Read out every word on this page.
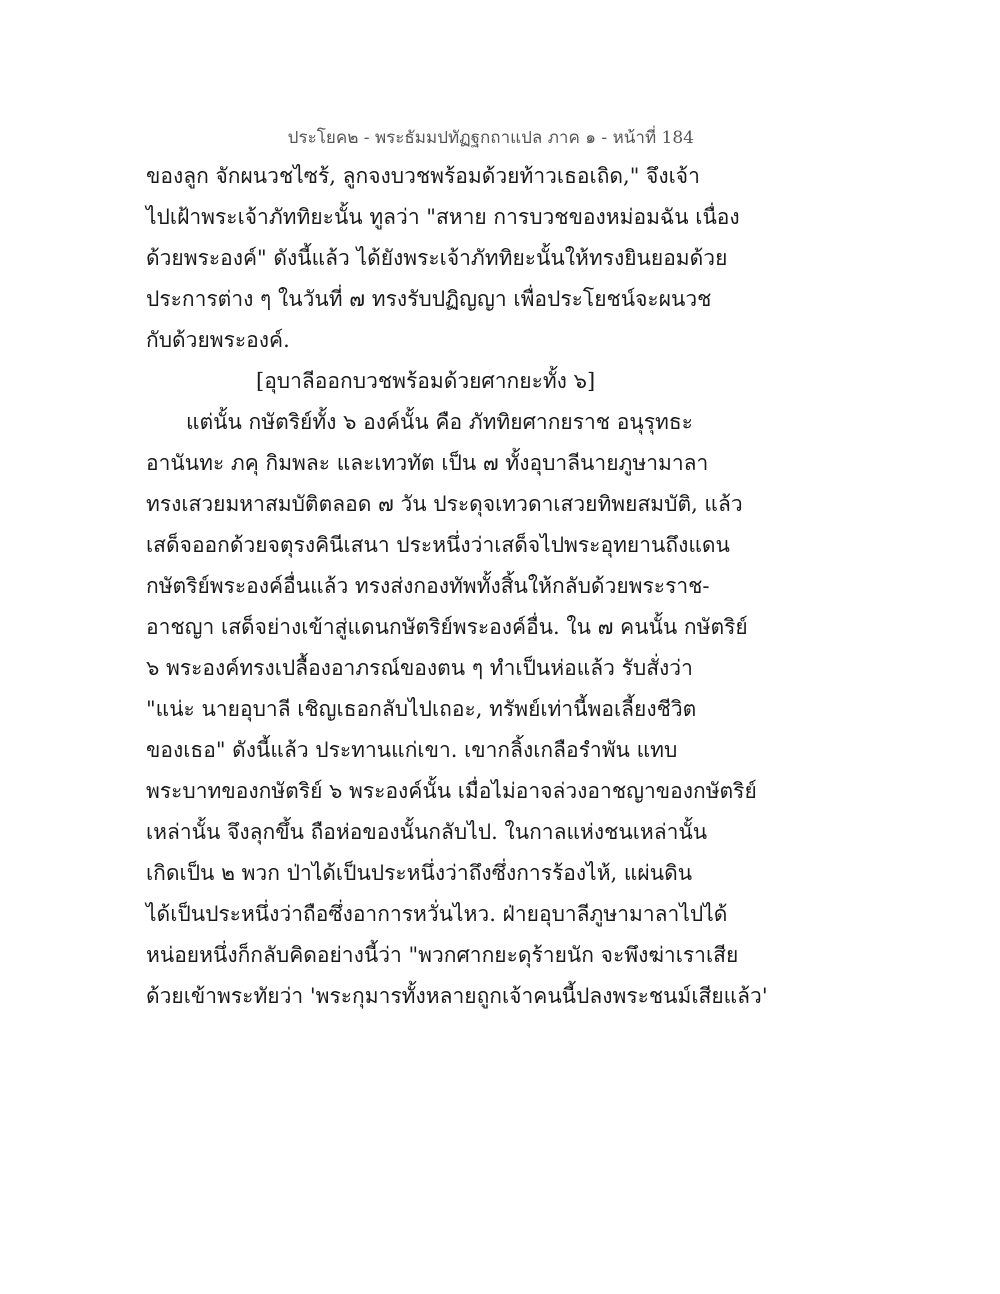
ประโยค๒ - พระธัมมปทัฏฐกถาแปล ภาค ๑ - หน้าที่ 184
ของลูก จักผนวชไซร้, ลูกจงบวชพร้อมด้วยท้าวเธอเถิด," จึงเจ้า
ไปเฝ้าพระเจ้าภัททิยะนั้น ทูลว่า "สหาย การบวชของหม่อมฉัน เนื่อง
ด้วยพระองค์" ดังนี้แล้ว ได้ยังพระเจ้าภัททิยะนั้นให้ทรงยินยอมด้วย
ประการต่าง ๆ ในวันที่ ๗ ทรงรับปฏิญญา เพื่อประโยชน์จะผนวช
กับด้วยพระองค์.
[อุบาลีออกบวชพร้อมด้วยศากยะทั้ง ๖]
แต่นั้น กษัตริย์ทั้ง ๖ องค์นั้น คือ ภัททิยศากยราช อนุรุทธะ
อานันทะ ภคุ กิมพละ และเทวทัต เป็น ๗ ทั้งอุบาลีนายภูษามาลา
ทรงเสวยมหาสมบัติตลอด ๗ วัน ประดุจเทวดาเสวยทิพยสมบัติ, แล้ว
เสด็จออกด้วยจตุรงคินีเสนา ประหนึ่งว่าเสด็จไปพระอุทยานถึงแดน
กษัตริย์พระองค์อื่นแล้ว ทรงส่งกองทัพทั้งสิ้นให้กลับด้วยพระราช-
อาชญา เสด็จย่างเข้าสู่แดนกษัตริย์พระองค์อื่น. ใน ๗ คนนั้น กษัตริย์
๖ พระองค์ทรงเปลื้องอาภรณ์ของตน ๆ ทำเป็นห่อแล้ว รับสั่งว่า
"แน่ะ นายอุบาลี เชิญเธอกลับไปเถอะ, ทรัพย์เท่านี้พอเลี้ยงชีวิต
ของเธอ" ดังนี้แล้ว ประทานแก่เขา. เขากลิ้งเกลือรำพัน แทบ
พระบาทของกษัตริย์ ๖ พระองค์นั้น เมื่อไม่อาจล่วงอาชญาของกษัตริย์
เหล่านั้น จึงลุกขึ้น ถือห่อของนั้นกลับไป. ในกาลแห่งชนเหล่านั้น
เกิดเป็น ๒ พวก ป่าได้เป็นประหนึ่งว่าถึงซึ่งการร้องไห้, แผ่นดิน
ได้เป็นประหนึ่งว่าถือซึ่งอาการหวั่นไหว. ฝ่ายอุบาลีภูษามาลาไปได้
หน่อยหนึ่งก็กลับคิดอย่างนี้ว่า "พวกศากยะดุร้ายนัก จะพึงฆ่าเราเสีย
ด้วยเข้าพระทัยว่า 'พระกุมารทั้งหลายถูกเจ้าคนนี้ปลงพระชนม์เสียแล้ว'
